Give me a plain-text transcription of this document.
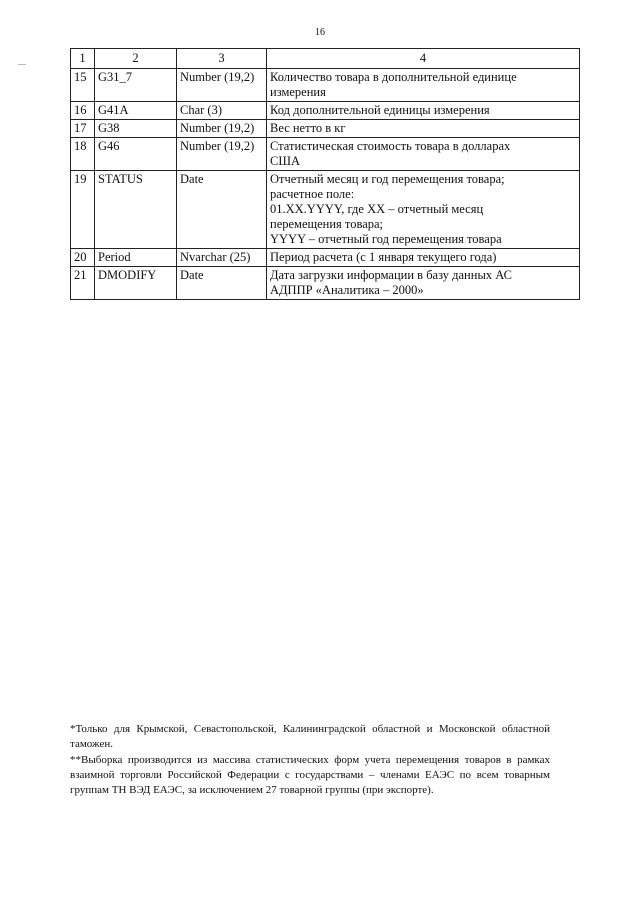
16
1	2	3	4
15	G31_7	Number (19,2)	Количество товара в дополнительной единице
измерения

16	G41A	Char (3)	Код дополнительной единицы измерения

17	G38	Number (19,2)	Вес нетто в кг

18	G46	Number (19,2)	Статистическая стоимость товара в долларах
США

19	STATUS	Date	Отчетный месяц и год перемещения товара;
расчетное поле:
01.XX.YYYY, где XX – отчетный месяц
перемещения товара;
YYYY – отчетный год перемещения товара

20	Period	Nvarchar (25)	Период расчета (с 1 января текущего года)

21	DMODIFY	Date	Дата загрузки информации в базу данных АС
АДППР «Аналитика – 2000»

*Только для Крымской, Севастопольской, Калининградской областной и Московской областной таможен.

**Выборка производится из массива статистических форм учета перемещения товаров в рамках взаимной торговли Российской Федерации с государствами – членами ЕАЭС по всем товарным группам ТН ВЭД ЕАЭС, за исключением 27 товарной группы (при экспорте).
